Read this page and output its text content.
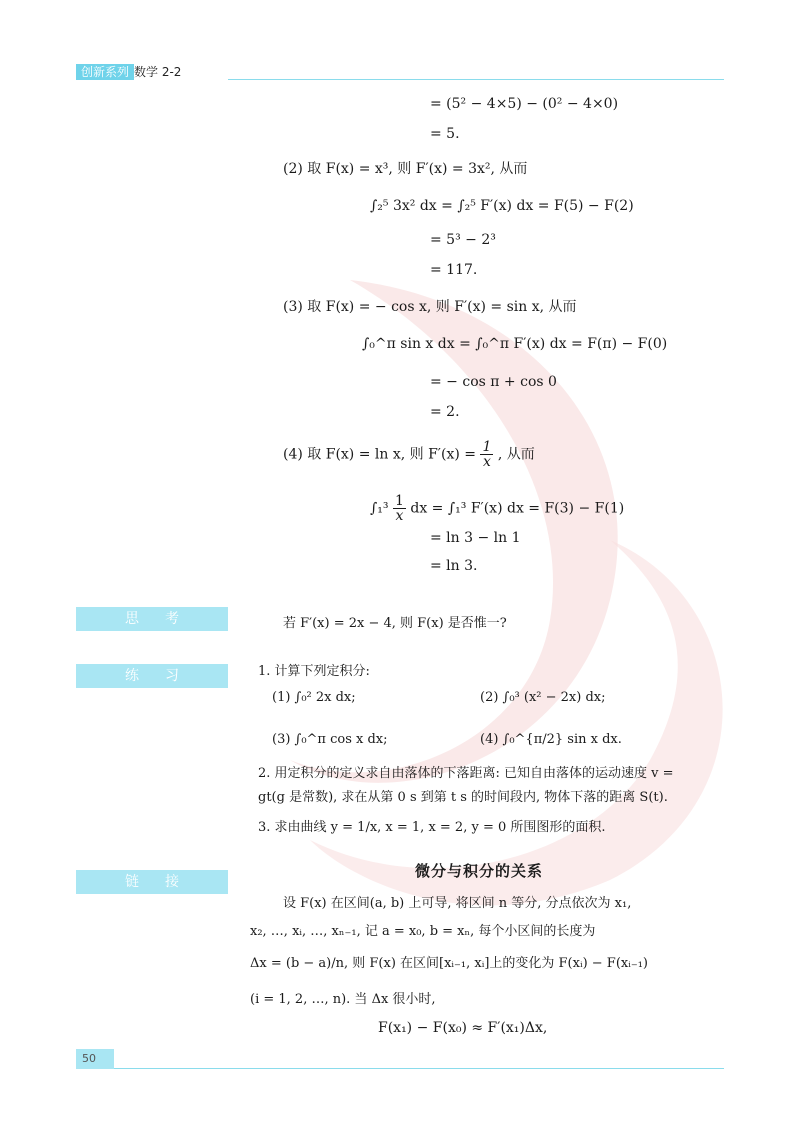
创新系列 数学 2-2
= (5² − 4×5) − (0² − 4×0)
= 5.
(2) 取 F(x) = x³, 则 F′(x) = 3x², 从而
∫₂⁵ 3x² dx = ∫₂⁵ F′(x) dx = F(5) − F(2)
= 5³ − 2³
= 117.
(3) 取 F(x) = − cos x, 则 F′(x) = sin x, 从而
∫₀^π sin x dx = ∫₀^π F′(x) dx = F(π) − F(0)
= − cos π + cos 0
= 2.
(4) 取 F(x) = ln x, 则 $F'(x) = \frac{1}{x}$ , 从而
$\int_1^3 \frac{1}{x}$ dx = ∫₁³ F′(x) dx = F(3) − F(1)
= ln 3 − ln 1
= ln 3.
思考	若 F′(x) = 2x − 4, 则 F(x) 是否惟一?
练习	1. 计算下列定积分:
(1) ∫₀² 2x dx;	(2) ∫₀³ (x² − 2x) dx;
(3) ∫₀^π cos x dx;	(4) ∫₀^{π/2} sin x dx.
2. 用定积分的定义求自由落体的下落距离: 已知自由落体的运动速度 v =
gt(g 是常数), 求在从第 0 s 到第 t s 的时间段内, 物体下落的距离 S(t).
3. 求由曲线 y = 1/x, x = 1, x = 2, y = 0 所围图形的面积.
链接
微分与积分的关系
设 F(x) 在区间(a, b) 上可导, 将区间 n 等分, 分点依次为 x₁,
x₂, …, xᵢ, …, xₙ₋₁, 记 a = x₀, b = xₙ, 每个小区间的长度为
Δx = (b − a)/n, 则 F(x) 在区间[xᵢ₋₁, xᵢ]上的变化为 F(xᵢ) − F(xᵢ₋₁)
(i = 1, 2, …, n). 当 Δx 很小时,
F(x₁) − F(x₀) ≈ F′(x₁)Δx,
50
